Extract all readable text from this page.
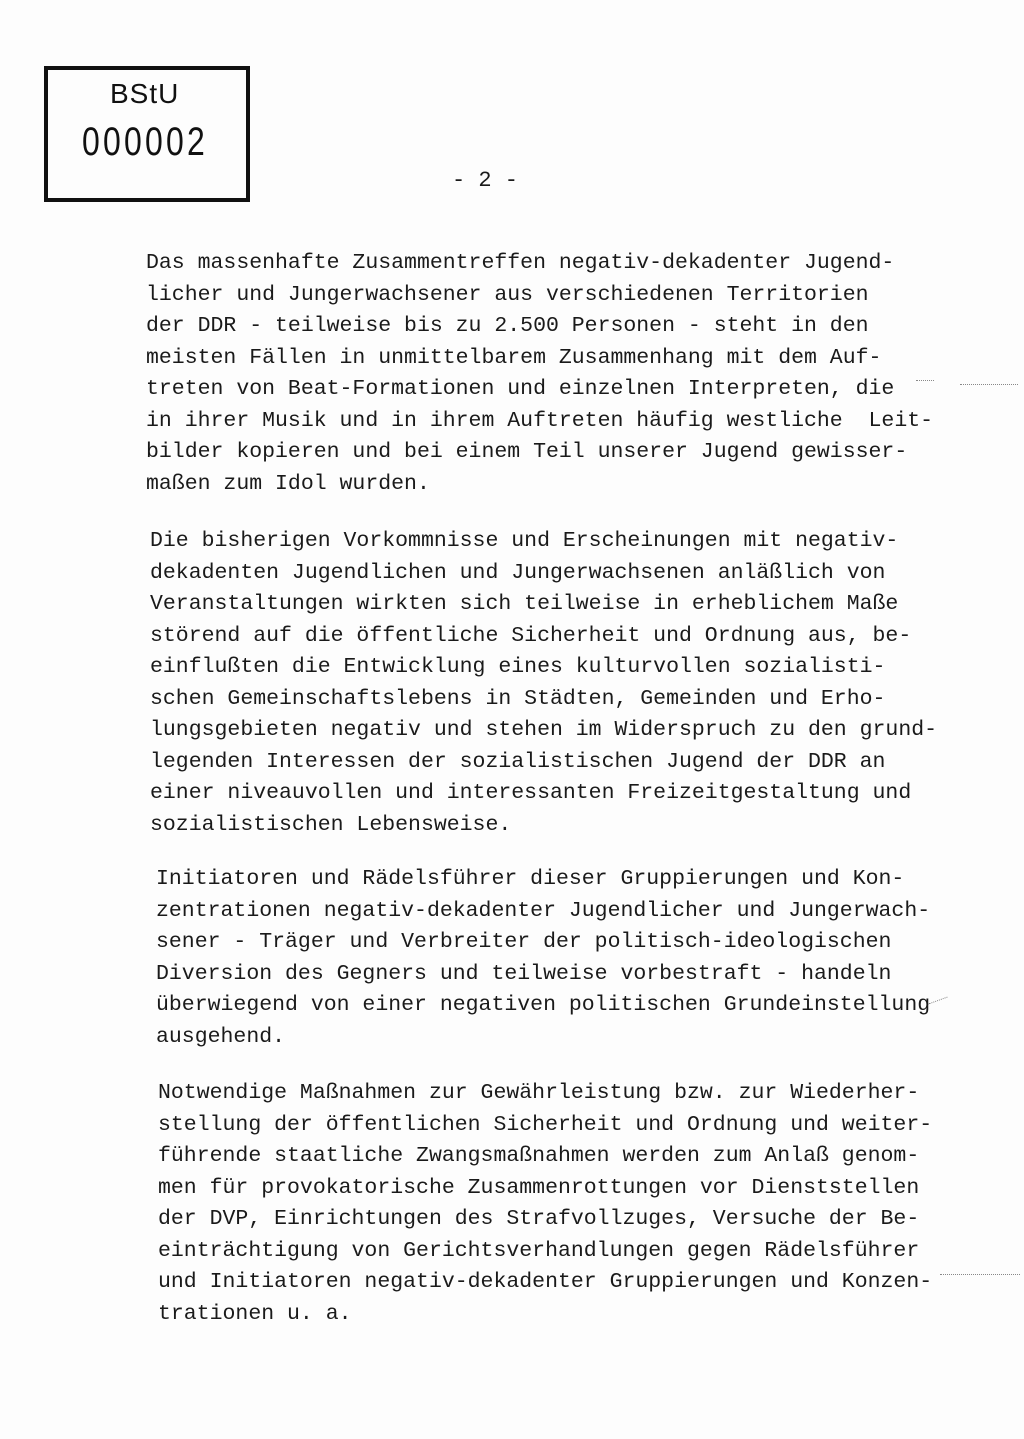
BStU
000002
- 2 -

Das massenhafte Zusammentreffen negativ-dekadenter Jugend-
licher und Jungerwachsener aus verschiedenen Territorien
der DDR - teilweise bis zu 2.500 Personen - steht in den
meisten Fällen in unmittelbarem Zusammenhang mit dem Auf-
treten von Beat-Formationen und einzelnen Interpreten, die
in ihrer Musik und in ihrem Auftreten häufig westliche  Leit-
bilder kopieren und bei einem Teil unserer Jugend gewisser-
maßen zum Idol wurden.

Die bisherigen Vorkommnisse und Erscheinungen mit negativ-
dekadenten Jugendlichen und Jungerwachsenen anläßlich von
Veranstaltungen wirkten sich teilweise in erheblichem Maße
störend auf die öffentliche Sicherheit und Ordnung aus, be-
einflußten die Entwicklung eines kulturvollen sozialisti-
schen Gemeinschaftslebens in Städten, Gemeinden und Erho-
lungsgebieten negativ und stehen im Widerspruch zu den grund-
legenden Interessen der sozialistischen Jugend der DDR an
einer niveauvollen und interessanten Freizeitgestaltung und
sozialistischen Lebensweise.

Initiatoren und Rädelsführer dieser Gruppierungen und Kon-
zentrationen negativ-dekadenter Jugendlicher und Jungerwach-
sener - Träger und Verbreiter der politisch-ideologischen
Diversion des Gegners und teilweise vorbestraft - handeln
überwiegend von einer negativen politischen Grundeinstellung
ausgehend.

Notwendige Maßnahmen zur Gewährleistung bzw. zur Wiederher-
stellung der öffentlichen Sicherheit und Ordnung und weiter-
führende staatliche Zwangsmaßnahmen werden zum Anlaß genom-
men für provokatorische Zusammenrottungen vor Dienststellen
der DVP, Einrichtungen des Strafvollzuges, Versuche der Be-
einträchtigung von Gerichtsverhandlungen gegen Rädelsführer
und Initiatoren negativ-dekadenter Gruppierungen und Konzen-
trationen u. a.
